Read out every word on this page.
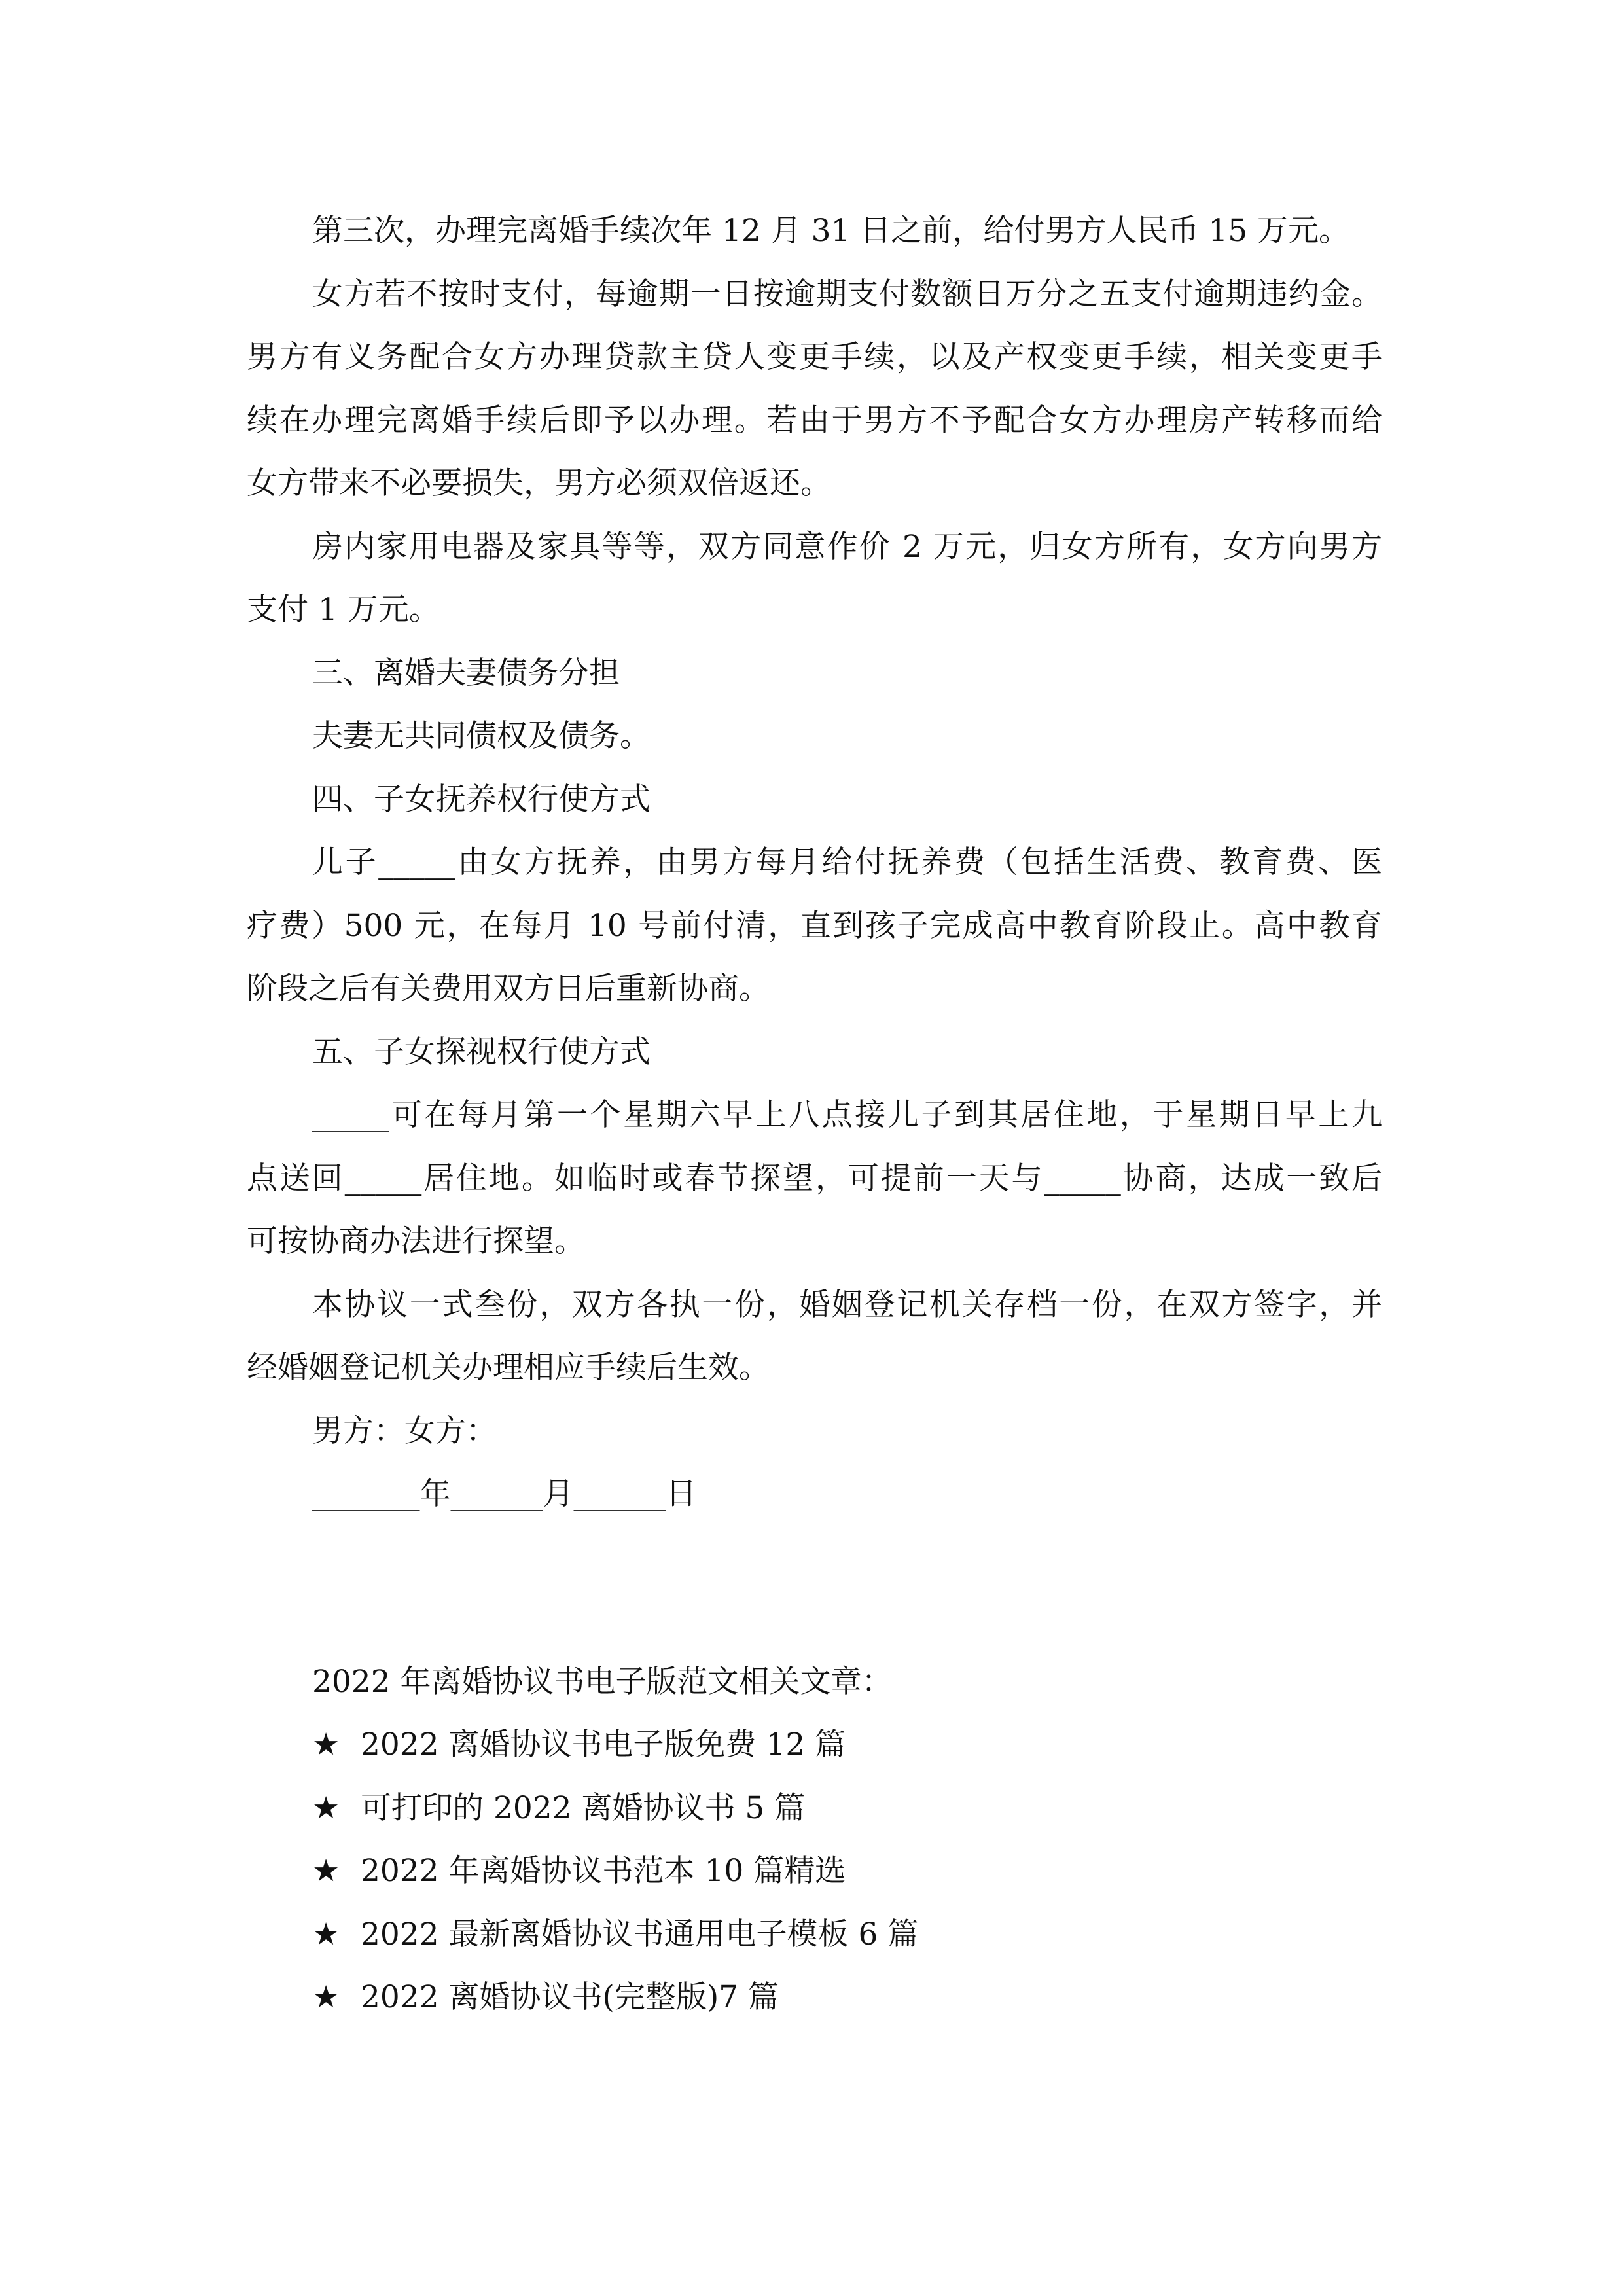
第三次，办理完离婚手续次年 12 月 31 日之前，给付男方人民币 15 万元。
女方若不按时支付，每逾期一日按逾期支付数额日万分之五支付逾期违约金。
男方有义务配合女方办理贷款主贷人变更手续，以及产权变更手续，相关变更手
续在办理完离婚手续后即予以办理。若由于男方不予配合女方办理房产转移而给
女方带来不必要损失，男方必须双倍返还。
房内家用电器及家具等等，双方同意作价 2 万元，归女方所有，女方向男方
支付 1 万元。
三、离婚夫妻债务分担
夫妻无共同债权及债务。
四、子女抚养权行使方式
儿子_____由女方抚养，由男方每月给付抚养费（包括生活费、教育费、医
疗费）500 元，在每月 10 号前付清，直到孩子完成高中教育阶段止。高中教育
阶段之后有关费用双方日后重新协商。
五、子女探视权行使方式
_____可在每月第一个星期六早上八点接儿子到其居住地，于星期日早上九
点送回_____居住地。如临时或春节探望，可提前一天与_____协商，达成一致后
可按协商办法进行探望。
本协议一式叁份，双方各执一份，婚姻登记机关存档一份，在双方签字，并
经婚姻登记机关办理相应手续后生效。
男方：女方：
_______年______月______日
2022 年离婚协议书电子版范文相关文章：
★ 2022 离婚协议书电子版免费 12 篇
★ 可打印的 2022 离婚协议书 5 篇
★ 2022 年离婚协议书范本 10 篇精选
★ 2022 最新离婚协议书通用电子模板 6 篇
★ 2022 离婚协议书(完整版)7 篇
